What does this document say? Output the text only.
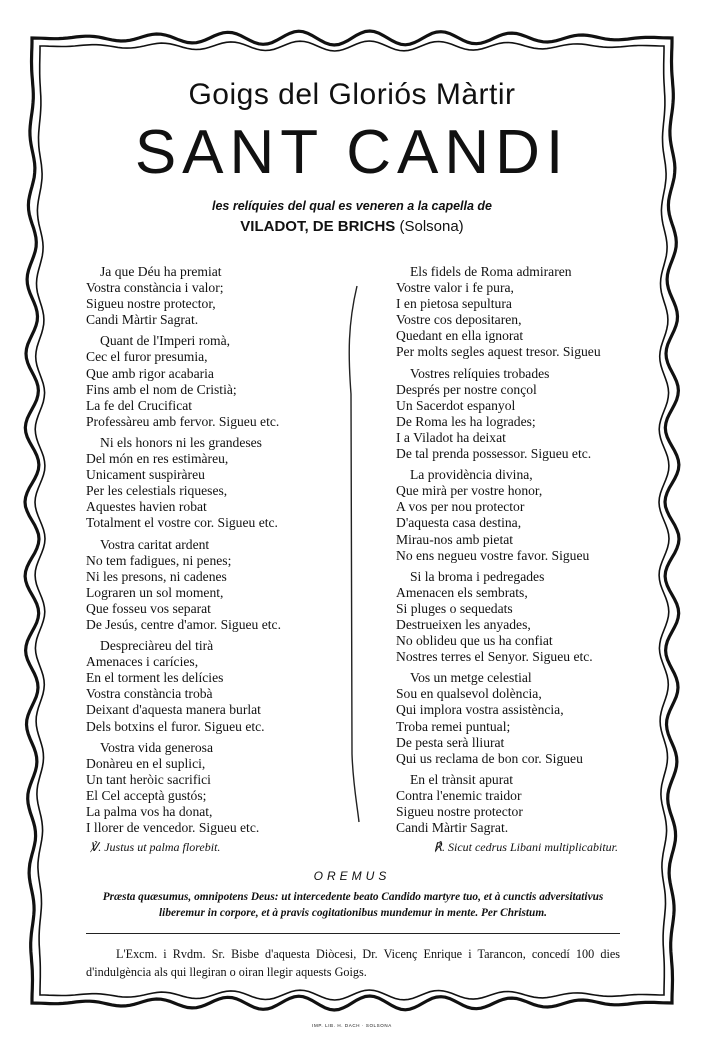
Goigs del Gloriós Màrtir
SANT CANDI
les relíquies del qual es veneren a la capella de
VILADOT, DE BRICHS (Solsona)
Ja que Déu ha premiat
Vostra constància i valor;
Sigueu nostre protector,
Candi Màrtir Sagrat.
Quant de l'Imperi romà,
Cec el furor presumia,
Que amb rigor acabaria
Fins amb el nom de Cristià;
La fe del Crucificat
Professàreu amb fervor. Sigueu etc.
Ni els honors ni les grandeses
Del món en res estimàreu,
Unicament suspiràreu
Per les celestials riqueses,
Aquestes havien robat
Totalment el vostre cor. Sigueu etc.
Vostra caritat ardent
No tem fadigues, ni penes;
Ni les presons, ni cadenes
Lograren un sol moment,
Que fosseu vos separat
De Jesús, centre d'amor. Sigueu etc.
Despreciàreu del tirà
Amenaces i carícies,
En el torment les delícies
Vostra constància trobà
Deixant d'aquesta manera burlat
Dels botxins el furor. Sigueu etc.
Vostra vida generosa
Donàreu en el suplici,
Un tant heròic sacrifici
El Cel acceptà gustós;
La palma vos ha donat,
I llorer de vencedor. Sigueu etc.
Els fidels de Roma admiraren
Vostre valor i fe pura,
I en pietosa sepultura
Vostre cos depositaren,
Quedant en ella ignorat
Per molts segles aquest tresor. Sigueu
Vostres relíquies trobades
Després per nostre conçol
Un Sacerdot espanyol
De Roma les ha logrades;
I a Viladot ha deixat
De tal prenda possessor. Sigueu etc.
La providència divina,
Que mirà per vostre honor,
A vos per nou protector
D'aquesta casa destina,
Mirau-nos amb pietat
No ens negueu vostre favor. Sigueu
Si la broma i pedregades
Amenacen els sembrats,
Si pluges o sequedats
Destrueixen les anyades,
No oblideu que us ha confiat
Nostres terres el Senyor. Sigueu etc.
Vos un metge celestial
Sou en qualsevol dolència,
Qui implora vostra assistència,
Troba remei puntual;
De pesta serà lliurat
Qui us reclama de bon cor. Sigueu
En el trànsit apurat
Contra l'enemic traidor
Sigueu nostre protector
Candi Màrtir Sagrat.
℣. Justus ut palma florebit.	℟. Sicut cedrus Libani multiplicabitur.
OREMUS
Præsta quæsumus, omnipotens Deus: ut intercedente beato Candido martyre tuo, et à cunctis adversitativus liberemur in corpore, et à pravis cogitationibus mundemur in mente. Per Christum.
L'Excm. i Rvdm. Sr. Bisbe d'aquesta Diòcesi, Dr. Vicenç Enrique i Tarancon, concedí 100 dies d'indulgència als qui llegiran o oiran llegir aquests Goigs.
IMP. LIB. H. DACH · SOLSONA
